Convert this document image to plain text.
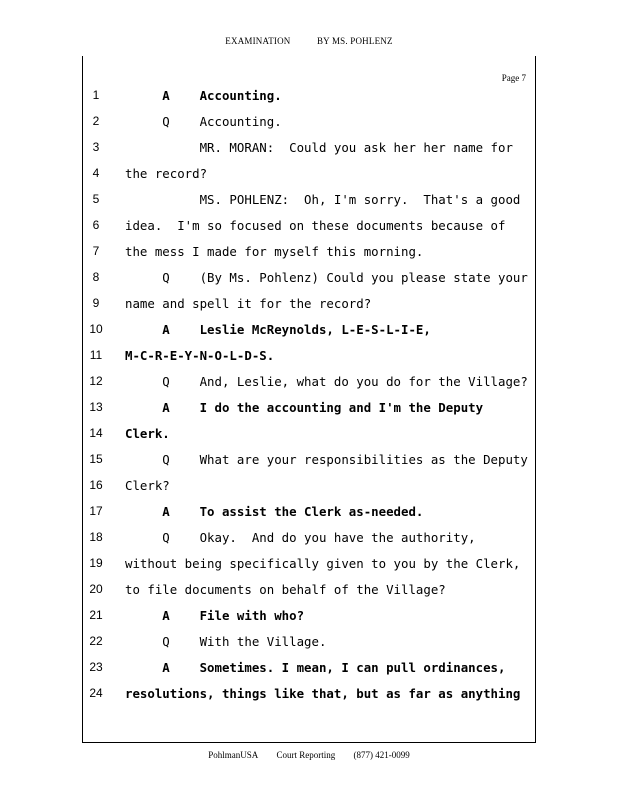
EXAMINATION	BY MS. POHLENZ
Page 7
1
2
3
4
5
6
7
8
9
10
11
12
13
14
15
16
17
18
19
20
21
22
23
24
A    Accounting.
Q    Accounting.
MR. MORAN:  Could you ask her her name for
the record?
MS. POHLENZ:  Oh, I'm sorry.  That's a good
idea.  I'm so focused on these documents because of
the mess I made for myself this morning.
Q    (By Ms. Pohlenz) Could you please state your
name and spell it for the record?
A    Leslie McReynolds, L-E-S-L-I-E,
M-C-R-E-Y-N-O-L-D-S.
Q    And, Leslie, what do you do for the Village?
A    I do the accounting and I'm the Deputy
Clerk.
Q    What are your responsibilities as the Deputy
Clerk?
A    To assist the Clerk as-needed.
Q    Okay.  And do you have the authority,
without being specifically given to you by the Clerk,
to file documents on behalf of the Village?
A    File with who?
Q    With the Village.
A    Sometimes. I mean, I can pull ordinances,
resolutions, things like that, but as far as anything
PohlmanUSA Court Reporting (877) 421-0099
